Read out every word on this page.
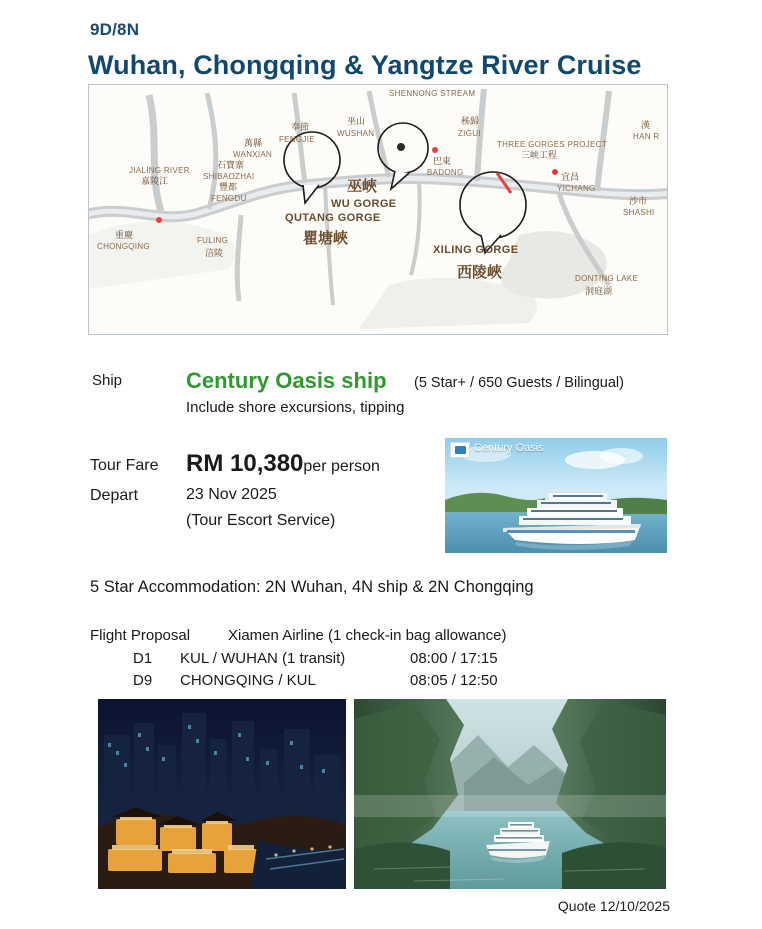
9D/8N
Wuhan, Chongqing & Yangtze River Cruise
SHENNONG STREAM
漢
HAN R
巫山
WUSHAN
秭歸
ZIGUI
奉節
FENGJIE
THREE GORGES PROJECT
三峡工程
萬縣
WANXIAN
巴東
BADONG
JIALING RIVER
嘉陵江
石寶寨
SHIBAOZHAI	宜昌
YICHANG
豐都
FENGDU	沙市
SHASHI
重慶
CHONGQING
FULING
涪陵
DONTING LAKE
洞庭湖
巫峽
WU GORGE
QUTANG GORGE
瞿塘峽
XILING GORGE
西陵峽
Ship	Century Oasis ship (5 Star+ / 650 Guests / Bilingual)
Include shore excursions, tipping
Tour Fare RM 10,380per person
Depart	23 Nov 2025
(Tour Escort Service)
Century Oasis
5 Star Accommodation: 2N Wuhan, 4N ship & 2N Chongqing
Flight Proposal	Xiamen Airline (1 check-in bag allowance)
D1	KUL / WUHAN (1 transit)	08:00 / 17:15
D9	CHONGQING / KUL	08:05 / 12:50
Quote 12/10/2025
